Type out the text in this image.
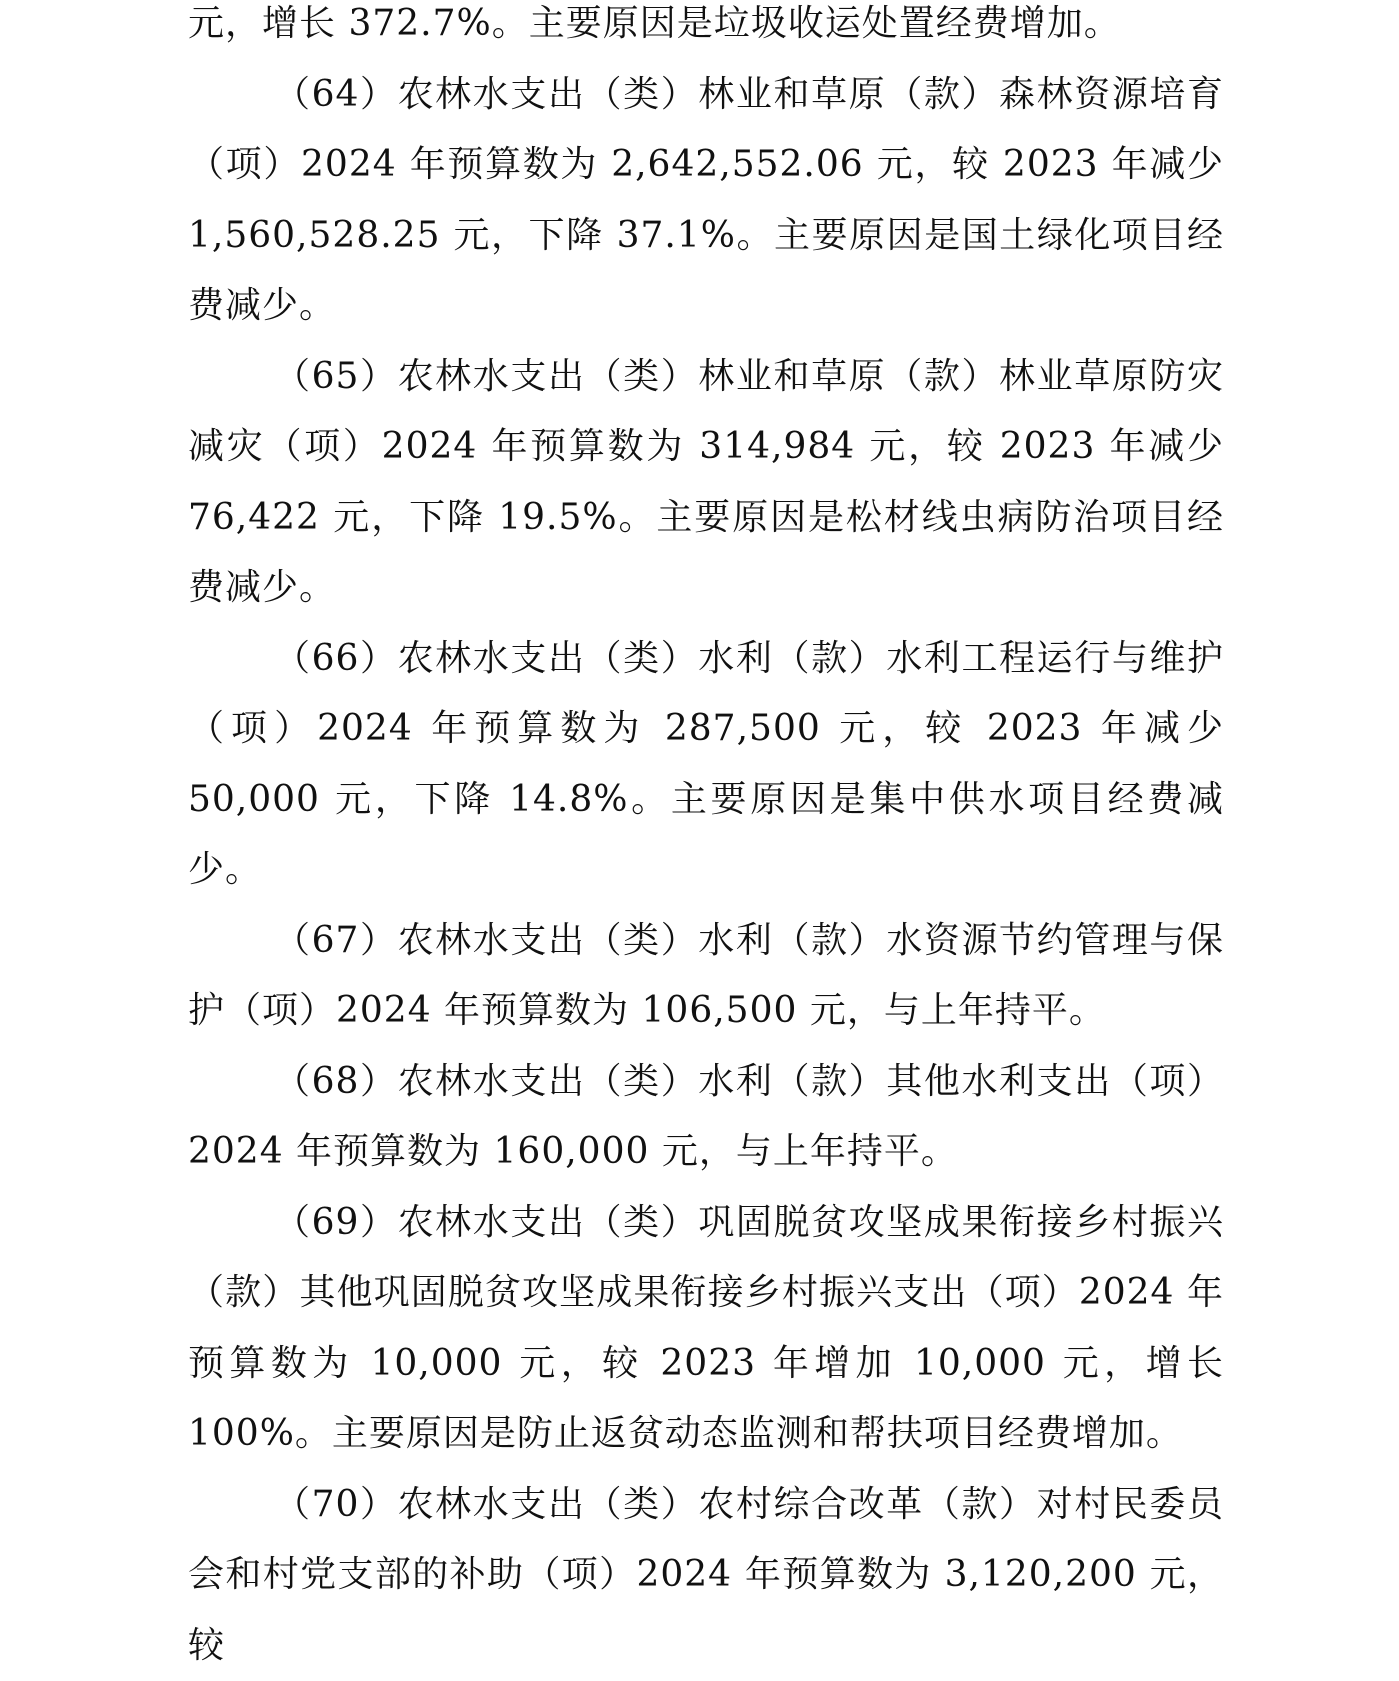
元，增长 372.7%。主要原因是垃圾收运处置经费增加。

（64）农林水支出（类）林业和草原（款）森林资源培育（项）2024 年预算数为 2,642,552.06 元，较 2023 年减少 1,560,528.25 元，下降 37.1%。主要原因是国土绿化项目经费减少。

（65）农林水支出（类）林业和草原（款）林业草原防灾减灾（项）2024 年预算数为 314,984 元，较 2023 年减少 76,422 元，下降 19.5%。主要原因是松材线虫病防治项目经费减少。

（66）农林水支出（类）水利（款）水利工程运行与维护（项）2024 年预算数为 287,500 元，较 2023 年减少 50,000 元，下降 14.8%。主要原因是集中供水项目经费减少。

（67）农林水支出（类）水利（款）水资源节约管理与保护（项）2024 年预算数为 106,500 元，与上年持平。

（68）农林水支出（类）水利（款）其他水利支出（项）2024 年预算数为 160,000 元，与上年持平。

（69）农林水支出（类）巩固脱贫攻坚成果衔接乡村振兴（款）其他巩固脱贫攻坚成果衔接乡村振兴支出（项）2024 年预算数为 10,000 元，较 2023 年增加 10,000 元，增长 100%。主要原因是防止返贫动态监测和帮扶项目经费增加。

（70）农林水支出（类）农村综合改革（款）对村民委员会和村党支部的补助（项）2024 年预算数为 3,120,200 元，较
